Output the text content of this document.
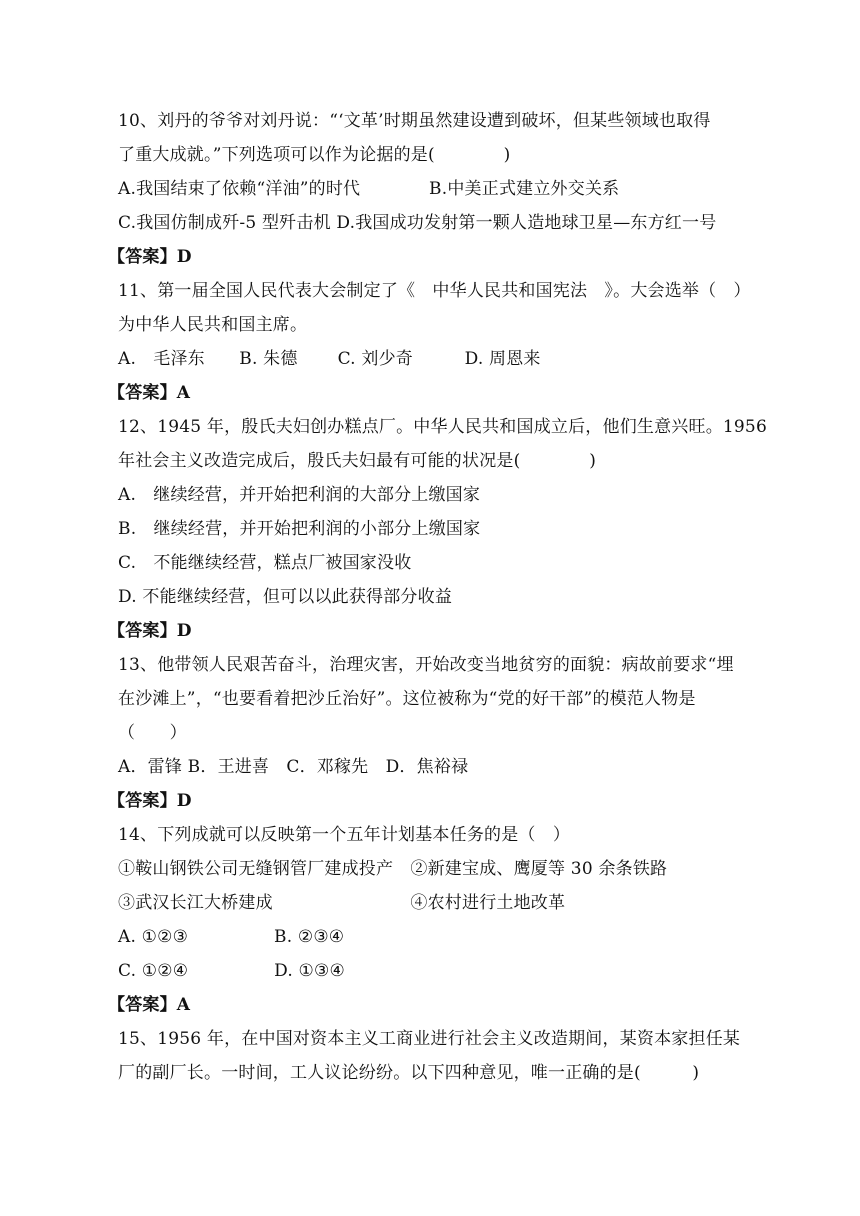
10、刘丹的爷爷对刘丹说：“‘文革’时期虽然建设遭到破坏，但某些领域也取得
了重大成就。”下列选项可以作为论据的是(　　　　)
A.我国结束了依赖“洋油”的时代　　　　B.中美正式建立外交关系
C.我国仿制成歼-5 型歼击机 D.我国成功发射第一颗人造地球卫星—东方红一号
【答案】D
11、第一届全国人民代表大会制定了《　中华人民共和国宪法　》。大会选举（　）
为中华人民共和国主席。
A.　毛泽东　　B. 朱德　　 C. 刘少奇　　　D. 周恩来
【答案】A
12、1945 年，殷氏夫妇创办糕点厂。中华人民共和国成立后，他们生意兴旺。1956
年社会主义改造完成后，殷氏夫妇最有可能的状况是(　　　　)
A.　继续经营，并开始把利润的大部分上缴国家
B.　继续经营，并开始把利润的小部分上缴国家
C.　不能继续经营，糕点厂被国家没收
D. 不能继续经营，但可以以此获得部分收益
【答案】D
13、他带领人民艰苦奋斗，治理灾害，开始改变当地贫穷的面貌：病故前要求“埋
在沙滩上”，“也要看着把沙丘治好”。这位被称为“党的好干部”的模范人物是
（　　）
A．雷锋 B．王进喜　C．邓稼先　D．焦裕禄
【答案】D
14、下列成就可以反映第一个五年计划基本任务的是（　）
①鞍山钢铁公司无缝钢管厂建成投产　②新建宝成、鹰厦等 30 余条铁路
③武汉长江大桥建成　　　　　　　　④农村进行土地改革
A. ①②③　　　　　B. ②③④
C. ①②④　　　　　D. ①③④
【答案】A
15、1956 年，在中国对资本主义工商业进行社会主义改造期间，某资本家担任某
厂的副厂长。一时间，工人议论纷纷。以下四种意见，唯一正确的是(　　　)
